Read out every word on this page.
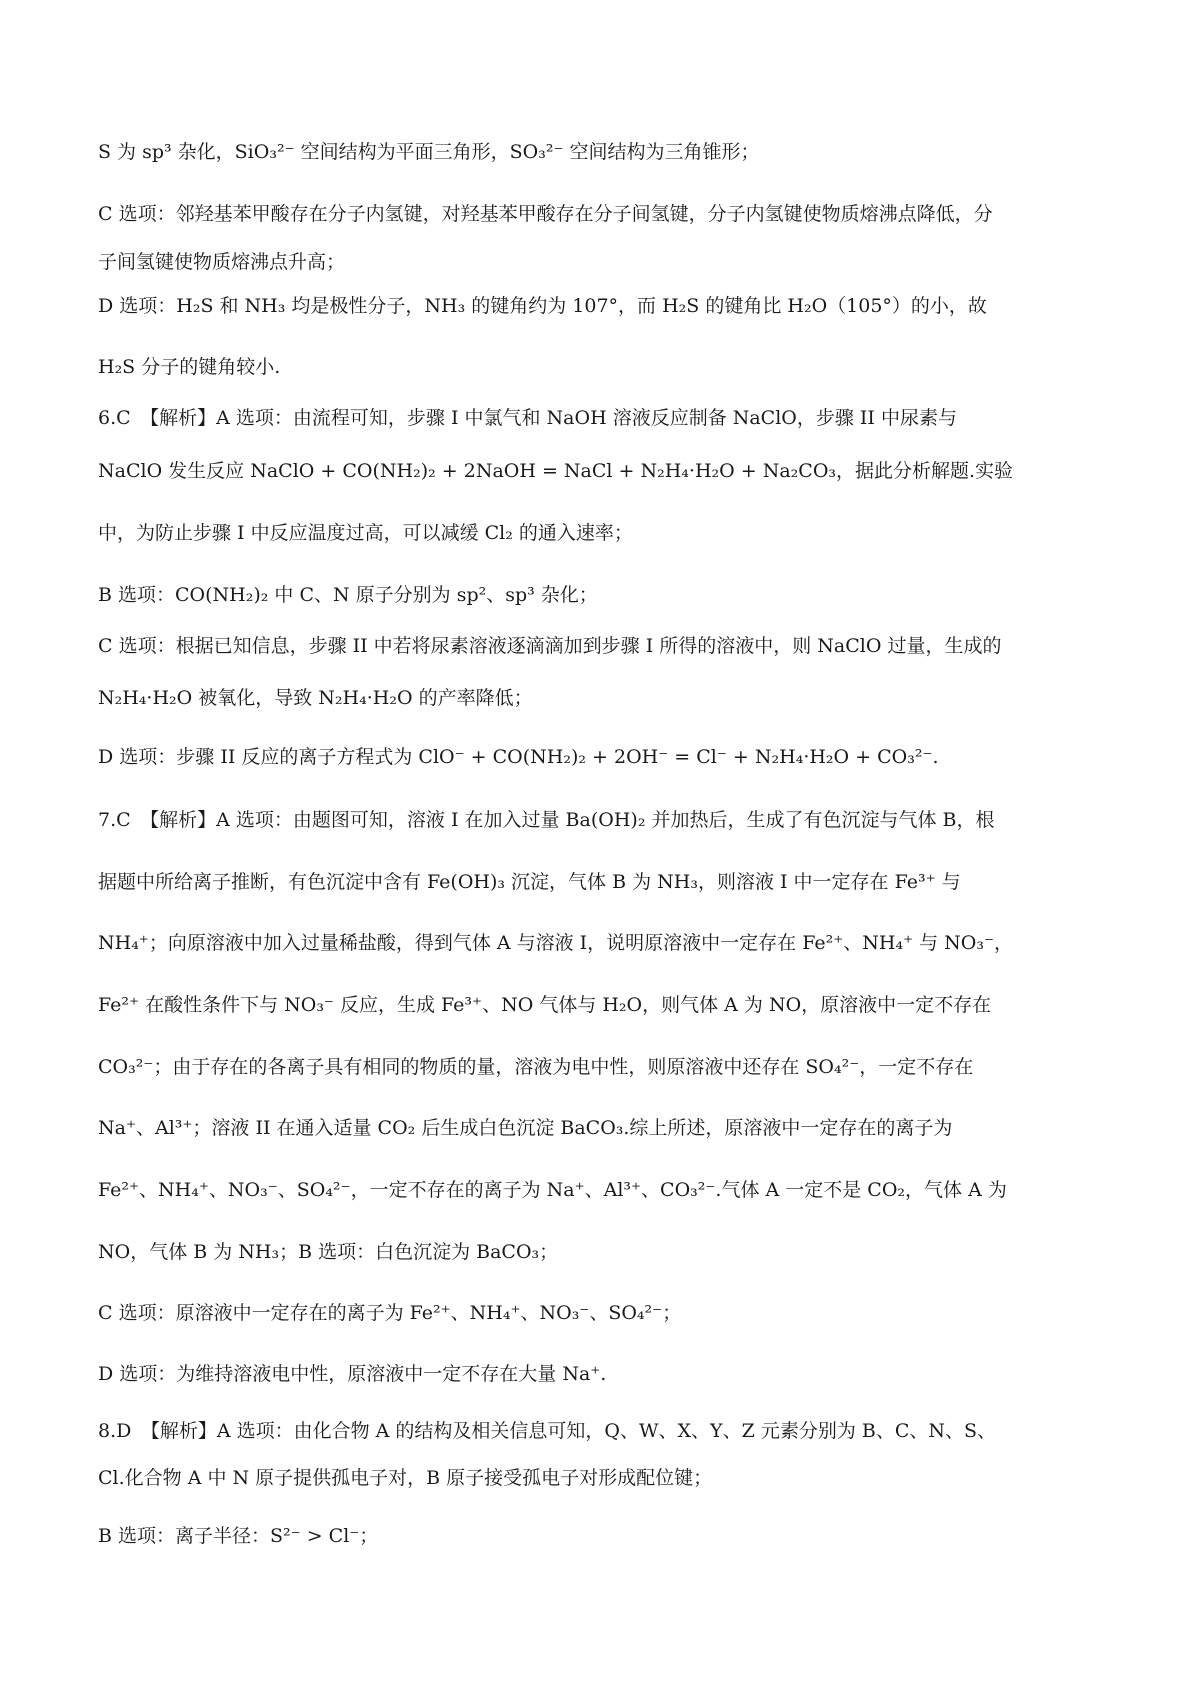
S 为 sp³ 杂化，SiO₃²⁻ 空间结构为平面三角形，SO₃²⁻ 空间结构为三角锥形；
C 选项：邻羟基苯甲酸存在分子内氢键，对羟基苯甲酸存在分子间氢键，分子内氢键使物质熔沸点降低，分
子间氢键使物质熔沸点升高；
D 选项：H₂S 和 NH₃ 均是极性分子，NH₃ 的键角约为 107°，而 H₂S 的键角比 H₂O（105°）的小，故
H₂S 分子的键角较小.
6.C　【解析】A 选项：由流程可知，步骤 I 中氯气和 NaOH 溶液反应制备 NaClO，步骤 II 中尿素与
NaClO 发生反应 NaClO + CO(NH₂)₂ + 2NaOH = NaCl + N₂H₄·H₂O + Na₂CO₃，据此分析解题.实验
中，为防止步骤 I 中反应温度过高，可以减缓 Cl₂ 的通入速率；
B 选项：CO(NH₂)₂ 中 C、N 原子分别为 sp²、sp³ 杂化；
C 选项：根据已知信息，步骤 II 中若将尿素溶液逐滴滴加到步骤 I 所得的溶液中，则 NaClO 过量，生成的
N₂H₄·H₂O 被氧化，导致 N₂H₄·H₂O 的产率降低；
D 选项：步骤 II 反应的离子方程式为 ClO⁻ + CO(NH₂)₂ + 2OH⁻ = Cl⁻ + N₂H₄·H₂O + CO₃²⁻.
7.C　【解析】A 选项：由题图可知，溶液 I 在加入过量 Ba(OH)₂ 并加热后，生成了有色沉淀与气体 B，根
据题中所给离子推断，有色沉淀中含有 Fe(OH)₃ 沉淀，气体 B 为 NH₃，则溶液 I 中一定存在 Fe³⁺ 与
NH₄⁺；向原溶液中加入过量稀盐酸，得到气体 A 与溶液 I，说明原溶液中一定存在 Fe²⁺、NH₄⁺ 与 NO₃⁻，
Fe²⁺ 在酸性条件下与 NO₃⁻ 反应，生成 Fe³⁺、NO 气体与 H₂O，则气体 A 为 NO，原溶液中一定不存在
CO₃²⁻；由于存在的各离子具有相同的物质的量，溶液为电中性，则原溶液中还存在 SO₄²⁻，一定不存在
Na⁺、Al³⁺；溶液 II 在通入适量 CO₂ 后生成白色沉淀 BaCO₃.综上所述，原溶液中一定存在的离子为
Fe²⁺、NH₄⁺、NO₃⁻、SO₄²⁻，一定不存在的离子为 Na⁺、Al³⁺、CO₃²⁻.气体 A 一定不是 CO₂，气体 A 为
NO，气体 B 为 NH₃；B 选项：白色沉淀为 BaCO₃；
C 选项：原溶液中一定存在的离子为 Fe²⁺、NH₄⁺、NO₃⁻、SO₄²⁻；
D 选项：为维持溶液电中性，原溶液中一定不存在大量 Na⁺.
8.D　【解析】A 选项：由化合物 A 的结构及相关信息可知，Q、W、X、Y、Z 元素分别为 B、C、N、S、
Cl.化合物 A 中 N 原子提供孤电子对，B 原子接受孤电子对形成配位键；
B 选项：离子半径：S²⁻ > Cl⁻；
